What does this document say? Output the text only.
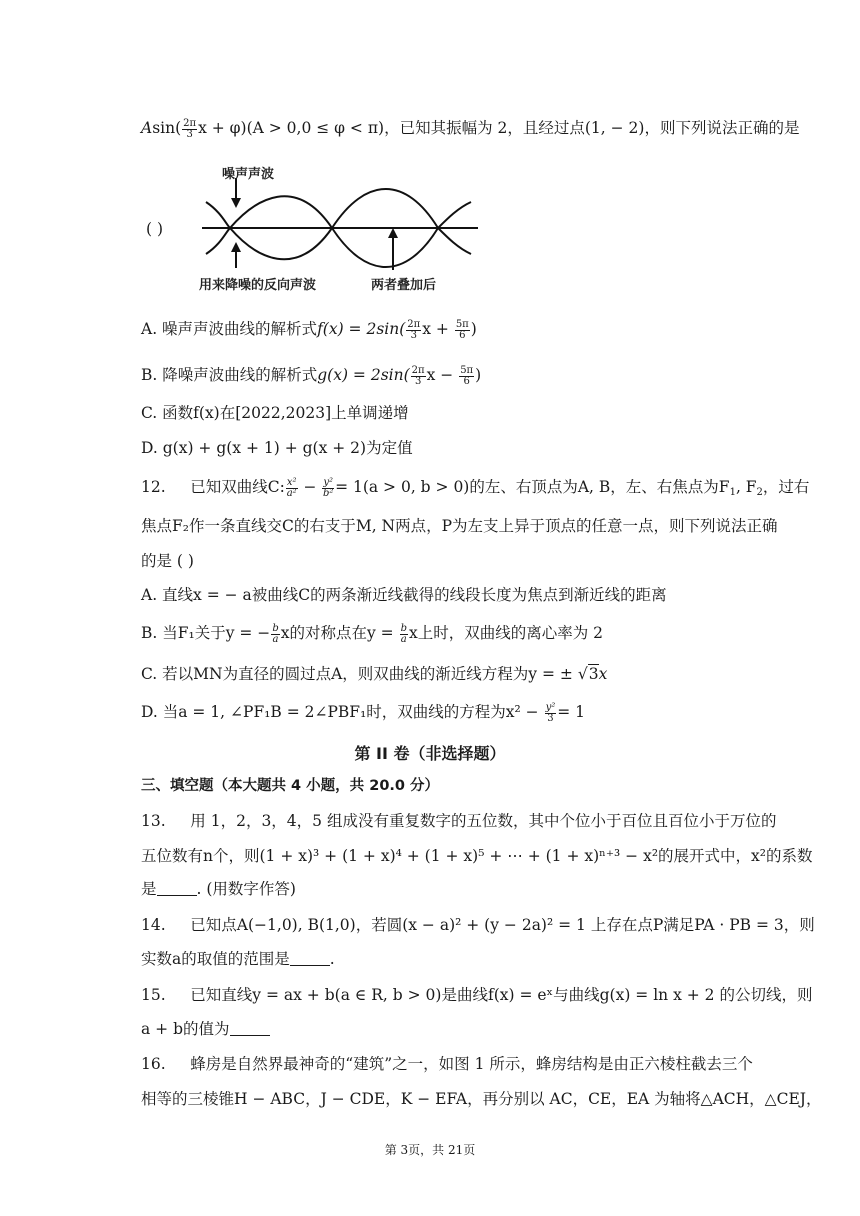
$Asin( \frac{2\pi}{3}$ x + φ)(A > 0,0 ≤ φ < π)，已知其振幅为 2，且经过点(1, − 2)，则下列说法正确的是
( )
噪声声波
用来降噪的反向声波	两者叠加后
A. 噪声声波曲线的解析式$f(x) = 2\sin( \frac{2\pi}{3}$ $x + \frac{5\pi}{6}$ )
B. 降噪声波曲线的解析式$g(x) = 2\sin( \frac{2\pi}{3}$ $x - \frac{5\pi}{6}$ )
C. 函数f(x)在[2022,2023]上单调递增
D. g(x) + g(x + 1) + g(x + 2)为定值
12. 已知双曲线C: $\frac{\text{x²}}{\text{a²}} - \frac{\text{y²}}{\text{b²}} = 1(a > 0$, b > 0)的左、右顶点为A, B，左、右焦点为$F_1$, $F_2$，过右
焦点F₂作一条直线交C的右支于M, N两点，P为左支上异于顶点的任意一点，则下列说法正确
的是 ( )
A. 直线x = − a被曲线C的两条渐近线截得的线段长度为焦点到渐近线的距离
B. 当F₁关于y = − $\frac{b}{a}$ x的对称点在$y = \frac{b}{a}$ x上时，双曲线的离心率为 2
C. 若以MN为直径的圆过点A，则双曲线的渐近线方程为y = ± √3x
D. 当a = 1, ∠PF₁B = 2∠PBF₁时，双曲线的方程为$x^2 - \frac{\text{y²}}{3} = 1$
第 II 卷（非选择题）
三、填空题（本大题共 4 小题，共 20.0 分）
13. 用 1，2，3，4，5 组成没有重复数字的五位数，其中个位小于百位且百位小于万位的
五位数有n个，则(1 + x)³ + (1 + x)⁴ + (1 + x)⁵ + ⋯ + (1 + x)ⁿ⁺³ − x²的展开式中，x²的系数
是	. (用数字作答)
14. 已知点A(−1,0), B(1,0)，若圆(x − a)² + (y − 2a)² = 1 上存在点P满足PA · PB = 3，则
实数a的取值的范围是	.
15. 已知直线y = ax + b(a ∈ R, b > 0)是曲线f(x) = eˣ与曲线g(x) = ln x + 2 的公切线，则
a + b的值为
16. 蜂房是自然界最神奇的“建筑”之一，如图 1 所示，蜂房结构是由正六棱柱截去三个
相等的三棱锥H − ABC，J − CDE，K − EFA，再分别以 AC，CE，EA 为轴将△ACH，△CEJ，
第 3页，共 21页
